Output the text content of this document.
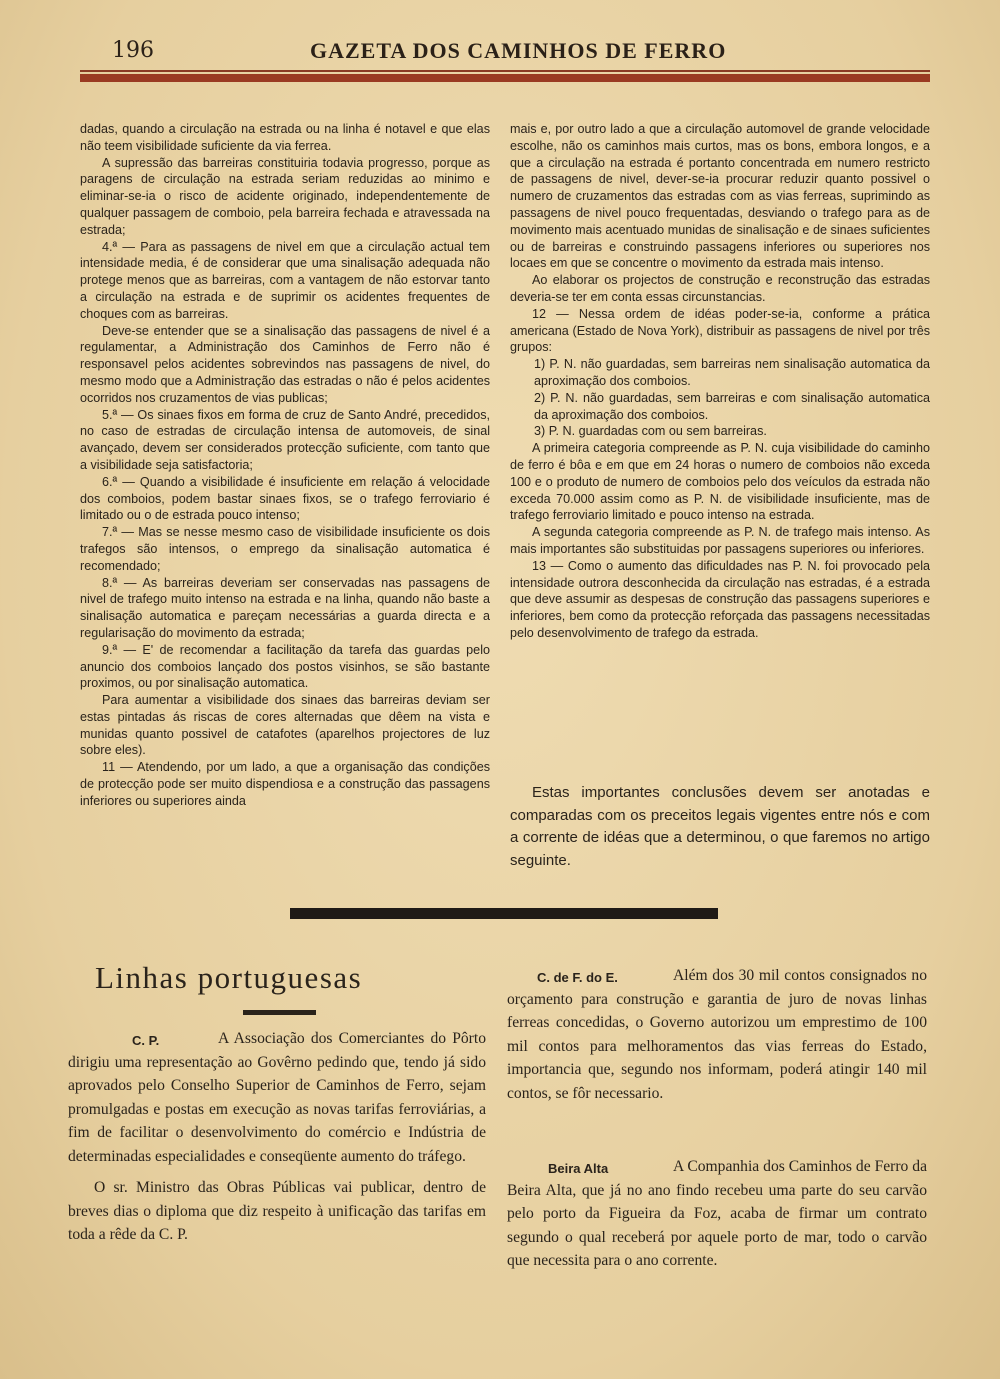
196	GAZETA DOS CAMINHOS DE FERRO

dadas, quando a circulação na estrada ou na linha é notavel e que elas não teem visibilidade suficiente da via ferrea.

A supressão das barreiras constituiria todavia progresso, porque as paragens de circulação na estrada seriam reduzidas ao minimo e eliminar-se-ia o risco de acidente originado, independentemente de qualquer passagem de comboio, pela barreira fechada e atravessada na estrada;

4.ª — Para as passagens de nivel em que a circulação actual tem intensidade media, é de considerar que uma sinalisação adequada não protege menos que as barreiras, com a vantagem de não estorvar tanto a circulação na estrada e de suprimir os acidentes frequentes de choques com as barreiras.

Deve-se entender que se a sinalisação das passagens de nivel é a regulamentar, a Administração dos Caminhos de Ferro não é responsavel pelos acidentes sobrevindos nas passagens de nivel, do mesmo modo que a Administração das estradas o não é pelos acidentes ocorridos nos cruzamentos de vias publicas;

5.ª — Os sinaes fixos em forma de cruz de Santo André, precedidos, no caso de estradas de circulação intensa de automoveis, de sinal avançado, devem ser considerados protecção suficiente, com tanto que a visibilidade seja satisfactoria;

6.ª — Quando a visibilidade é insuficiente em relação á velocidade dos comboios, podem bastar sinaes fixos, se o trafego ferroviario é limitado ou o de estrada pouco intenso;

7.ª — Mas se nesse mesmo caso de visibilidade insuficiente os dois trafegos são intensos, o emprego da sinalisação automatica é recomendado;

8.ª — As barreiras deveriam ser conservadas nas passagens de nivel de trafego muito intenso na estrada e na linha, quando não baste a sinalisação automatica e pareçam necessárias a guarda directa e a regularisação do movimento da estrada;

9.ª — E' de recomendar a facilitação da tarefa das guardas pelo anuncio dos comboios lançado dos postos visinhos, se são bastante proximos, ou por sinalisação automatica.

Para aumentar a visibilidade dos sinaes das barreiras deviam ser estas pintadas ás riscas de cores alternadas que dêem na vista e munidas quanto possivel de catafotes (aparelhos projectores de luz sobre eles).

11 — Atendendo, por um lado, a que a organisação das condições de protecção pode ser muito dispendiosa e a construção das passagens inferiores ou superiores ainda

mais e, por outro lado a que a circulação automovel de grande velocidade escolhe, não os caminhos mais curtos, mas os bons, embora longos, e a que a circulação na estrada é portanto concentrada em numero restricto de passagens de nivel, dever-se-ia procurar reduzir quanto possivel o numero de cruzamentos das estradas com as vias ferreas, suprimindo as passagens de nivel pouco frequentadas, desviando o trafego para as de movimento mais acentuado munidas de sinalisação e de sinaes suficientes ou de barreiras e construindo passagens inferiores ou superiores nos locaes em que se concentre o movimento da estrada mais intenso.

Ao elaborar os projectos de construção e reconstrução das estradas deveria-se ter em conta essas circunstancias.

12 — Nessa ordem de idéas poder-se-ia, conforme a prática americana (Estado de Nova York), distribuir as passagens de nivel por três grupos:

1) P. N. não guardadas, sem barreiras nem sinalisação automatica da aproximação dos comboios.

2) P. N. não guardadas, sem barreiras e com sinalisação automatica da aproximação dos comboios.

3) P. N. guardadas com ou sem barreiras.

A primeira categoria compreende as P. N. cuja visibilidade do caminho de ferro é bôa e em que em 24 horas o numero de comboios não exceda 100 e o produto de numero de comboios pelo dos veículos da estrada não exceda 70.000 assim como as P. N. de visibilidade insuficiente, mas de trafego ferroviario limitado e pouco intenso na estrada.

A segunda categoria compreende as P. N. de trafego mais intenso. As mais importantes são substituidas por passagens superiores ou inferiores.

13 — Como o aumento das dificuldades nas P. N. foi provocado pela intensidade outrora desconhecida da circulação nas estradas, é a estrada que deve assumir as despesas de construção das passagens superiores e inferiores, bem como da protecção reforçada das passagens necessitadas pelo desenvolvimento de trafego da estrada.

Estas importantes conclusões devem ser anotadas e comparadas com os preceitos legais vigentes entre nós e com a corrente de idéas que a determinou, o que faremos no artigo seguinte.

Linhas portuguesas
C. P.	A Associação dos Comerciantes do Pôrto dirigiu uma representação ao Govêrno pedindo que, tendo já sido aprovados pelo Conselho Superior de Caminhos de Ferro, sejam promulgadas e postas em execução as novas tarifas ferroviárias, a fim de facilitar o desenvolvimento do comércio e Indústria de determinadas especialidades e conseqüente aumento do tráfego.

O sr. Ministro das Obras Públicas vai publicar, dentro de breves dias o diploma que diz respeito à unificação das tarifas em toda a rêde da C. P.

C. de F. do E.	Além dos 30 mil contos consignados no orçamento para construção e garantia de juro de novas linhas ferreas concedidas, o Governo autorizou um emprestimo de 100 mil contos para melhoramentos das vias ferreas do Estado, importancia que, segundo nos informam, poderá atingir 140 mil contos, se fôr necessario.

Beira Alta	A Companhia dos Caminhos de Ferro da Beira Alta, que já no ano findo recebeu uma parte do seu carvão pelo porto da Figueira da Foz, acaba de firmar um contrato segundo o qual receberá por aquele porto de mar, todo o carvão que necessita para o ano corrente.
